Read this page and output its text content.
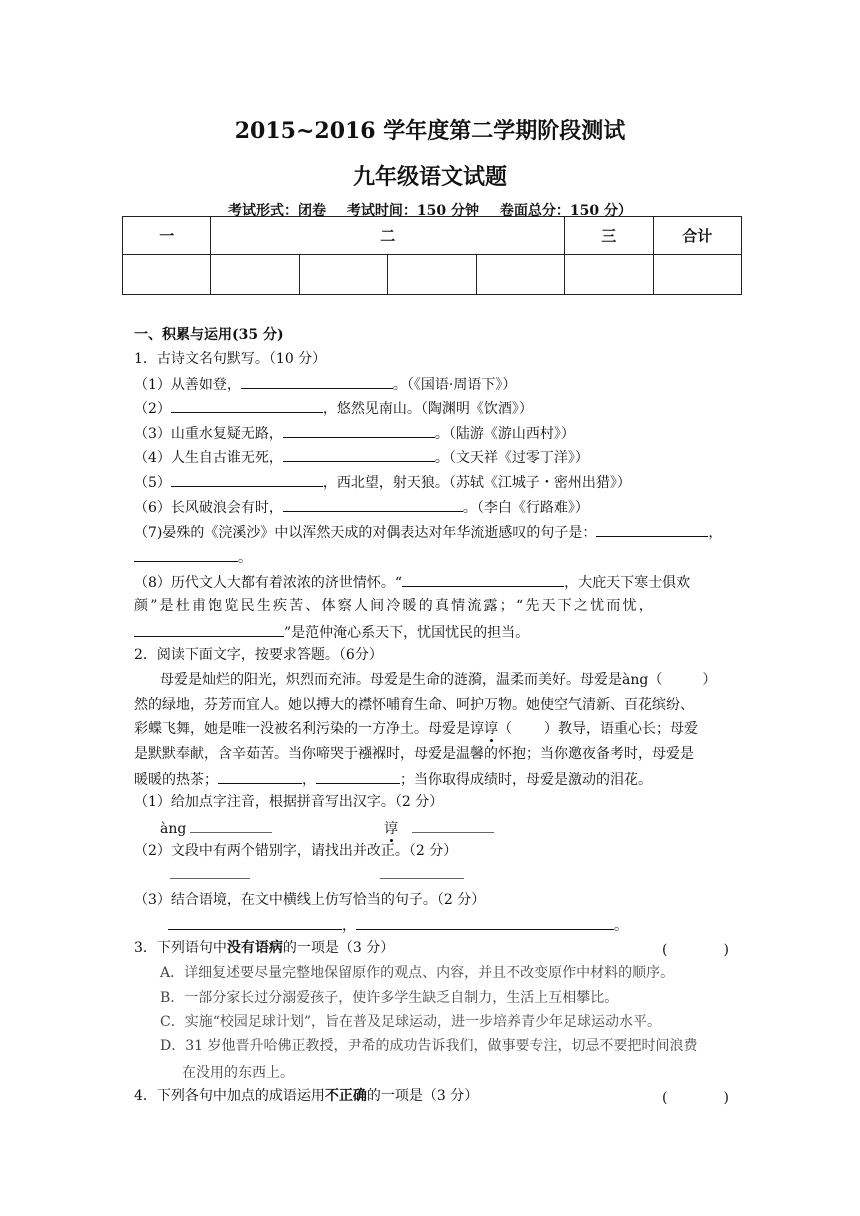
2015~2016 学年度第二学期阶段测试
九年级语文试题
考试形式：闭卷 考试时间：150 分钟 卷面总分：150 分）
一	二				三	合计

一、积累与运用(35 分)
1．古诗文名句默写。（10 分）
（1）从善如登，	。（《国语·周语下》）
（2）	，悠然见南山。（陶渊明《饮酒》）
（3）山重水复疑无路，	。（陆游《游山西村》）
（4）人生自古谁无死，	。（文天祥《过零丁洋》）
（5）	，西北望，射天狼。（苏轼《江城子・密州出猎》）
（6）长风破浪会有时，	。（李白《行路难》）
（7)晏殊的《浣溪沙》中以浑然天成的对偶表达对年华流逝感叹的句子是：	，
。
（8）历代文人大都有着浓浓的济世情怀。“	，大庇天下寒士俱欢
颜”是杜甫饱览民生疾苦、体察人间冷暖的真情流露；“先天下之忧而忧，
”是范仲淹心系天下，忧国忧民的担当。
2．阅读下面文字，按要求答题。（6分）
母爱是灿烂的阳光，炽烈而充沛。母爱是生命的涟漪，温柔而美好。母爱是àng（	）
然的绿地，芬芳而宜人。她以搏大的襟怀哺育生命、呵护万物。她使空气清新、百花缤纷、
彩蝶飞舞，她是唯一没被名利污染的一方净土。母爱是谆谆（ ）教导，语重心长；母爱
是默默奉献，含辛茹苦。当你啼哭于襁褓时，母爱是温馨的怀抱；当你邀夜备考时，母爱是
暖暖的热茶；	，	；当你取得成绩时，母爱是激动的泪花。
（1）给加点字注音，根据拼音写出汉字。（2 分）
àng	谆
（2）文段中有两个错别字，请找出并改正。（2 分）
（3）结合语境，在文中横线上仿写恰当的句子。（2 分）
，	。
3．下列语句中没有语病的一项是（3 分）	(　　　　)
A．详细复述要尽量完整地保留原作的观点、内容，并且不改变原作中材料的顺序。
B．一部分家长过分溺爱孩子，使许多学生缺乏自制力，生活上互相攀比。
C．实施“校园足球计划”，旨在普及足球运动，进一步培养青少年足球运动水平。
D．31 岁他晋升哈佛正教授，尹希的成功告诉我们，做事要专注，切忌不要把时间浪费
在没用的东西上。
4．下列各句中加点的成语运用不正确的一项是（3 分）	(　　　　)
